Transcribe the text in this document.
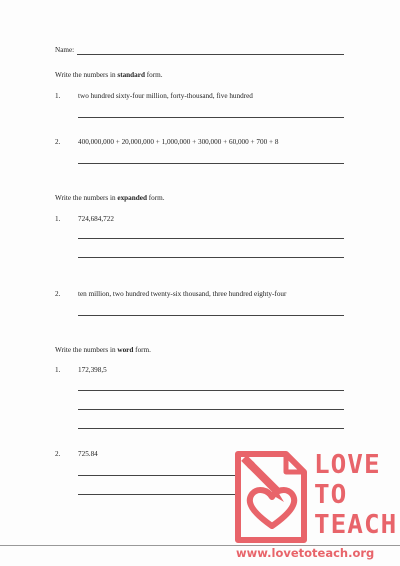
Name:
Write the numbers in standard form.
1. two hundred sixty-four million, forty-thousand, five hundred
2. 400,000,000 + 20,000,000 + 1,000,000 + 300,000 + 60,000 + 700 + 8
Write the numbers in expanded form.
1. 724,684,722
2. ten million, two hundred twenty-six thousand, three hundred eighty-four
Write the numbers in word form.
1. 172,398,5
2. 725.84	LOVE
TO
TEACH
www.lovetoteach.org
